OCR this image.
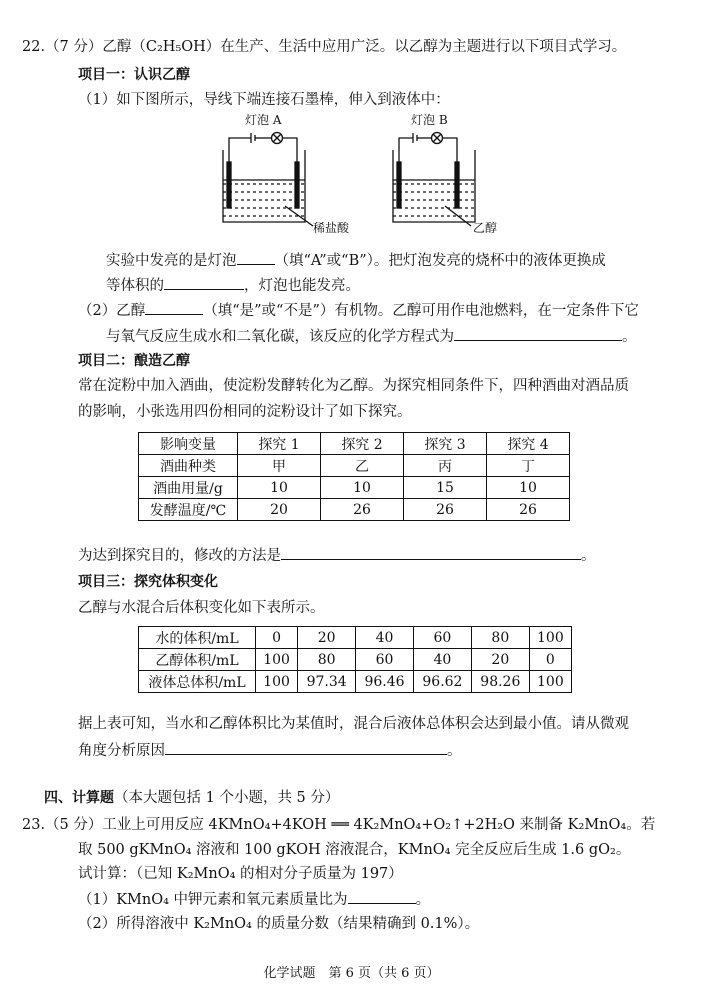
22.（7 分）乙醇（C₂H₅OH）在生产、生活中应用广泛。以乙醇为主题进行以下项目式学习。
项目一：认识乙醇
（1）如下图所示，导线下端连接石墨棒，伸入到液体中：
灯泡 A
稀盐酸
灯泡 B
乙醇
实验中发亮的是灯泡	（填“A”或“B”）。把灯泡发亮的烧杯中的液体更换成
等体积的	，灯泡也能发亮。
（2）乙醇	（填“是”或“不是”）有机物。乙醇可用作电池燃料，在一定条件下它
与氧气反应生成水和二氧化碳，该反应的化学方程式为	。
项目二：酿造乙醇
常在淀粉中加入酒曲，使淀粉发酵转化为乙醇。为探究相同条件下，四种酒曲对酒品质
的影响，小张选用四份相同的淀粉设计了如下探究。
影响变量	探究 1	探究 2	探究 3	探究 4
酒曲种类	甲	乙	丙	丁
酒曲用量/g	10	10	15	10
发酵温度/℃	20	26	26	26
为达到探究目的，修改的方法是	。
项目三：探究体积变化
乙醇与水混合后体积变化如下表所示。
水的体积/mL	0	20	40	60	80	100
乙醇体积/mL	100	80	60	40	20	0
液体总体积/mL	100	97.34	96.46	96.62	98.26	100
据上表可知，当水和乙醇体积比为某值时，混合后液体总体积会达到最小值。请从微观
角度分析原因	。
四、计算题（本大题包括 1 个小题，共 5 分）
23.（5 分）工业上可用反应 4KMnO₄+4KOH ══ 4K₂MnO₄+O₂↑+2H₂O 来制备 K₂MnO₄。若
取 500 gKMnO₄ 溶液和 100 gKOH 溶液混合，KMnO₄ 完全反应后生成 1.6 gO₂。
试计算：（已知 K₂MnO₄ 的相对分子质量为 197）
（1）KMnO₄ 中钾元素和氧元素质量比为	。
（2）所得溶液中 K₂MnO₄ 的质量分数（结果精确到 0.1%）。
化学试题　第 6 页（共 6 页）
